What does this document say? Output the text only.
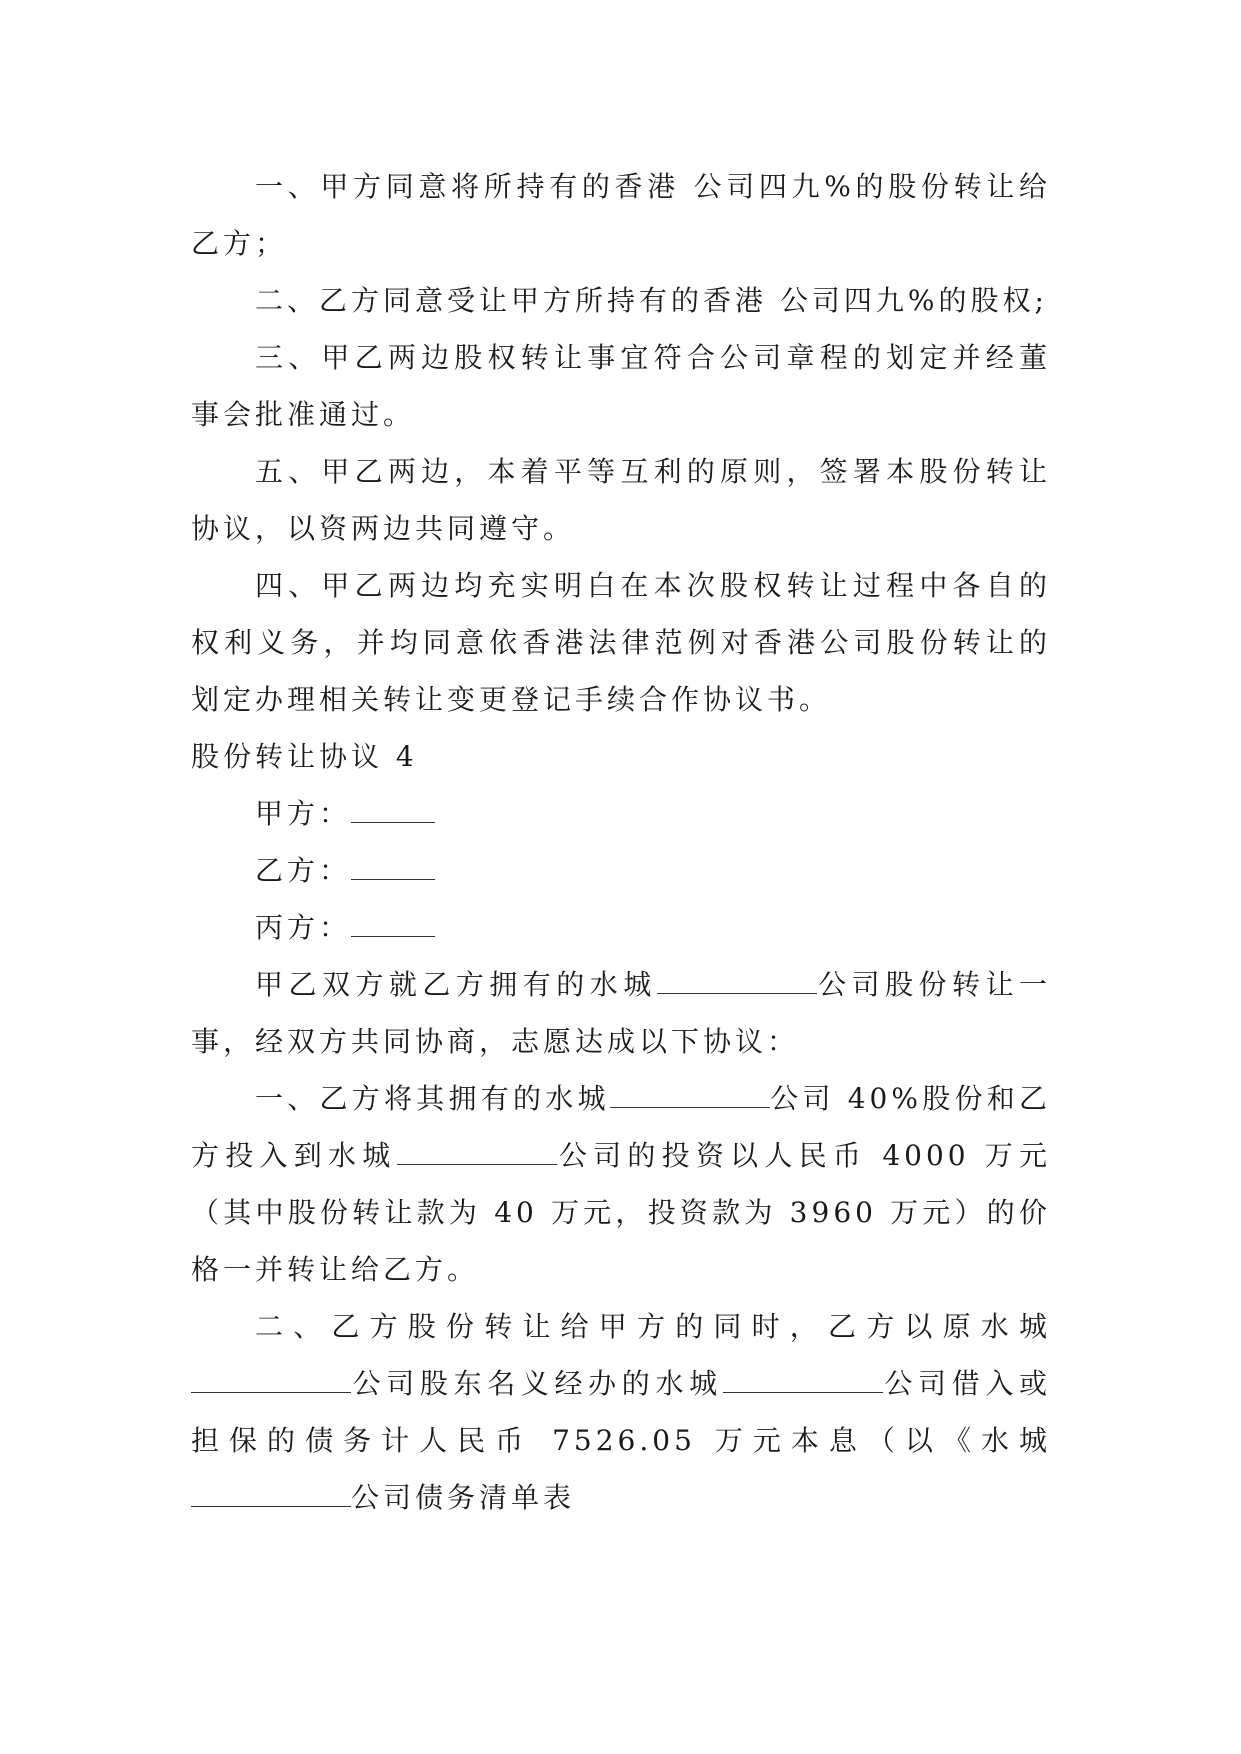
一、甲方同意将所持有的香港 公司四九%的股份转让给乙方；

二、乙方同意受让甲方所持有的香港 公司四九%的股权;

三、甲乙两边股权转让事宜符合公司章程的划定并经董事会批准通过。

五、甲乙两边，本着平等互利的原则，签署本股份转让协议，以资两边共同遵守。

四、甲乙两边均充实明白在本次股权转让过程中各自的权利义务，并均同意依香港法律范例对香港公司股份转让的划定办理相关转让变更登记手续合作协议书。

股份转让协议 4

甲方：

乙方：

丙方：

甲乙双方就乙方拥有的水城	公司股份转让一事，经双方共同协商，志愿达成以下协议：

一、乙方将其拥有的水城	公司 40%股份和乙方投入到水城	公司的投资以人民币 4000 万元（其中股份转让款为 40 万元，投资款为 3960 万元）的价格一并转让给乙方。

二、乙方股份转让给甲方的同时，乙方以原水城公司股东名义经办的水城	公司借入或担保的债务计人民币 7526.05 万元本息（以《水城公司债务清单表
